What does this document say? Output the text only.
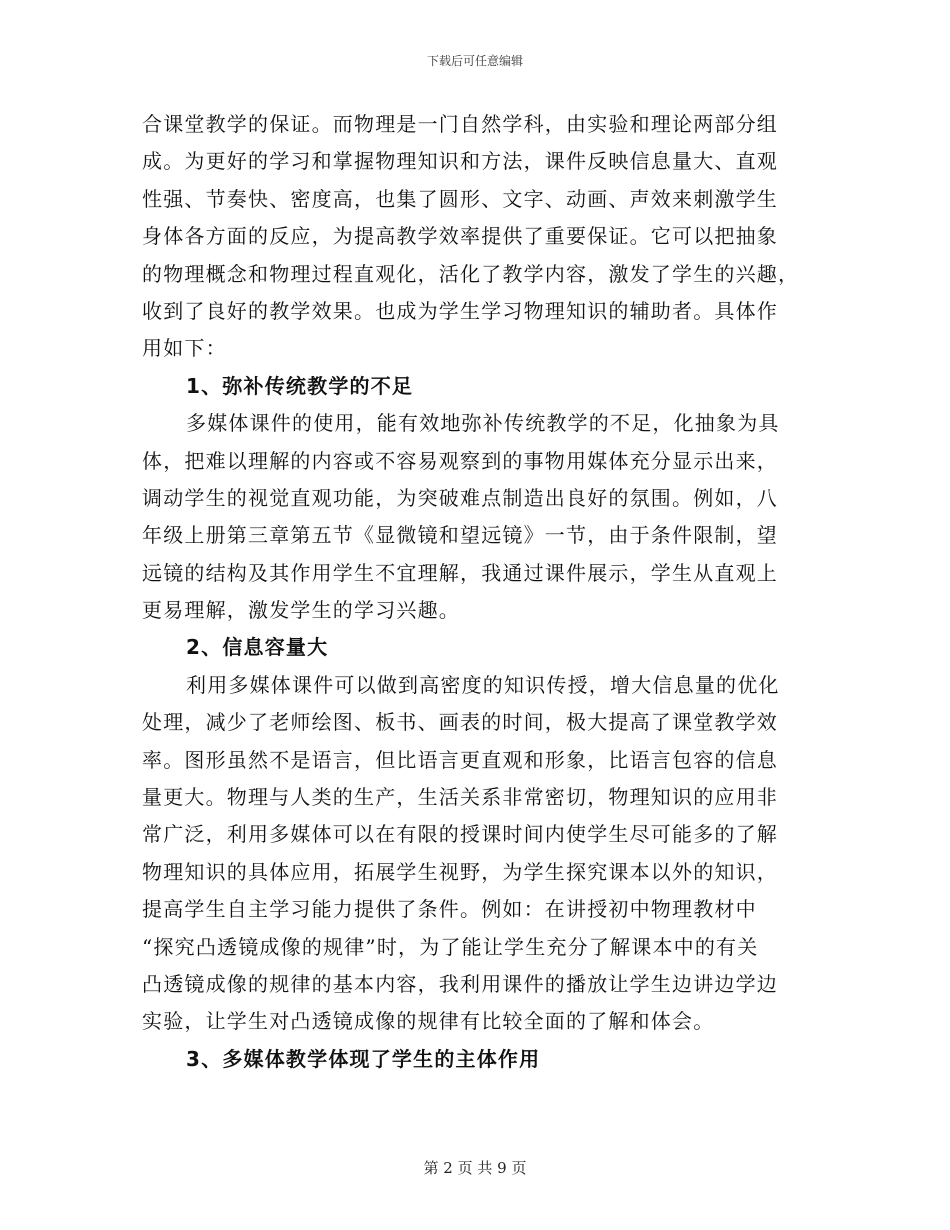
下载后可任意编辑
合课堂教学的保证。而物理是一门自然学科，由实验和理论两部分组
成。为更好的学习和掌握物理知识和方法，课件反映信息量大、直观
性强、节奏快、密度高，也集了圆形、文字、动画、声效来刺激学生
身体各方面的反应，为提高教学效率提供了重要保证。它可以把抽象
的物理概念和物理过程直观化，活化了教学内容，激发了学生的兴趣，
收到了良好的教学效果。也成为学生学习物理知识的辅助者。具体作
用如下：
1、弥补传统教学的不足
多媒体课件的使用，能有效地弥补传统教学的不足，化抽象为具
体，把难以理解的内容或不容易观察到的事物用媒体充分显示出来，
调动学生的视觉直观功能，为突破难点制造出良好的氛围。例如，八
年级上册第三章第五节《显微镜和望远镜》一节，由于条件限制，望
远镜的结构及其作用学生不宜理解，我通过课件展示，学生从直观上
更易理解，激发学生的学习兴趣。
2、信息容量大
利用多媒体课件可以做到高密度的知识传授，增大信息量的优化
处理，减少了老师绘图、板书、画表的时间，极大提高了课堂教学效
率。图形虽然不是语言，但比语言更直观和形象，比语言包容的信息
量更大。物理与人类的生产，生活关系非常密切，物理知识的应用非
常广泛，利用多媒体可以在有限的授课时间内使学生尽可能多的了解
物理知识的具体应用，拓展学生视野，为学生探究课本以外的知识，
提高学生自主学习能力提供了条件。例如：在讲授初中物理教材中
“探究凸透镜成像的规律”时，为了能让学生充分了解课本中的有关
凸透镜成像的规律的基本内容，我利用课件的播放让学生边讲边学边
实验，让学生对凸透镜成像的规律有比较全面的了解和体会。
3、多媒体教学体现了学生的主体作用
第 2 页 共 9 页
